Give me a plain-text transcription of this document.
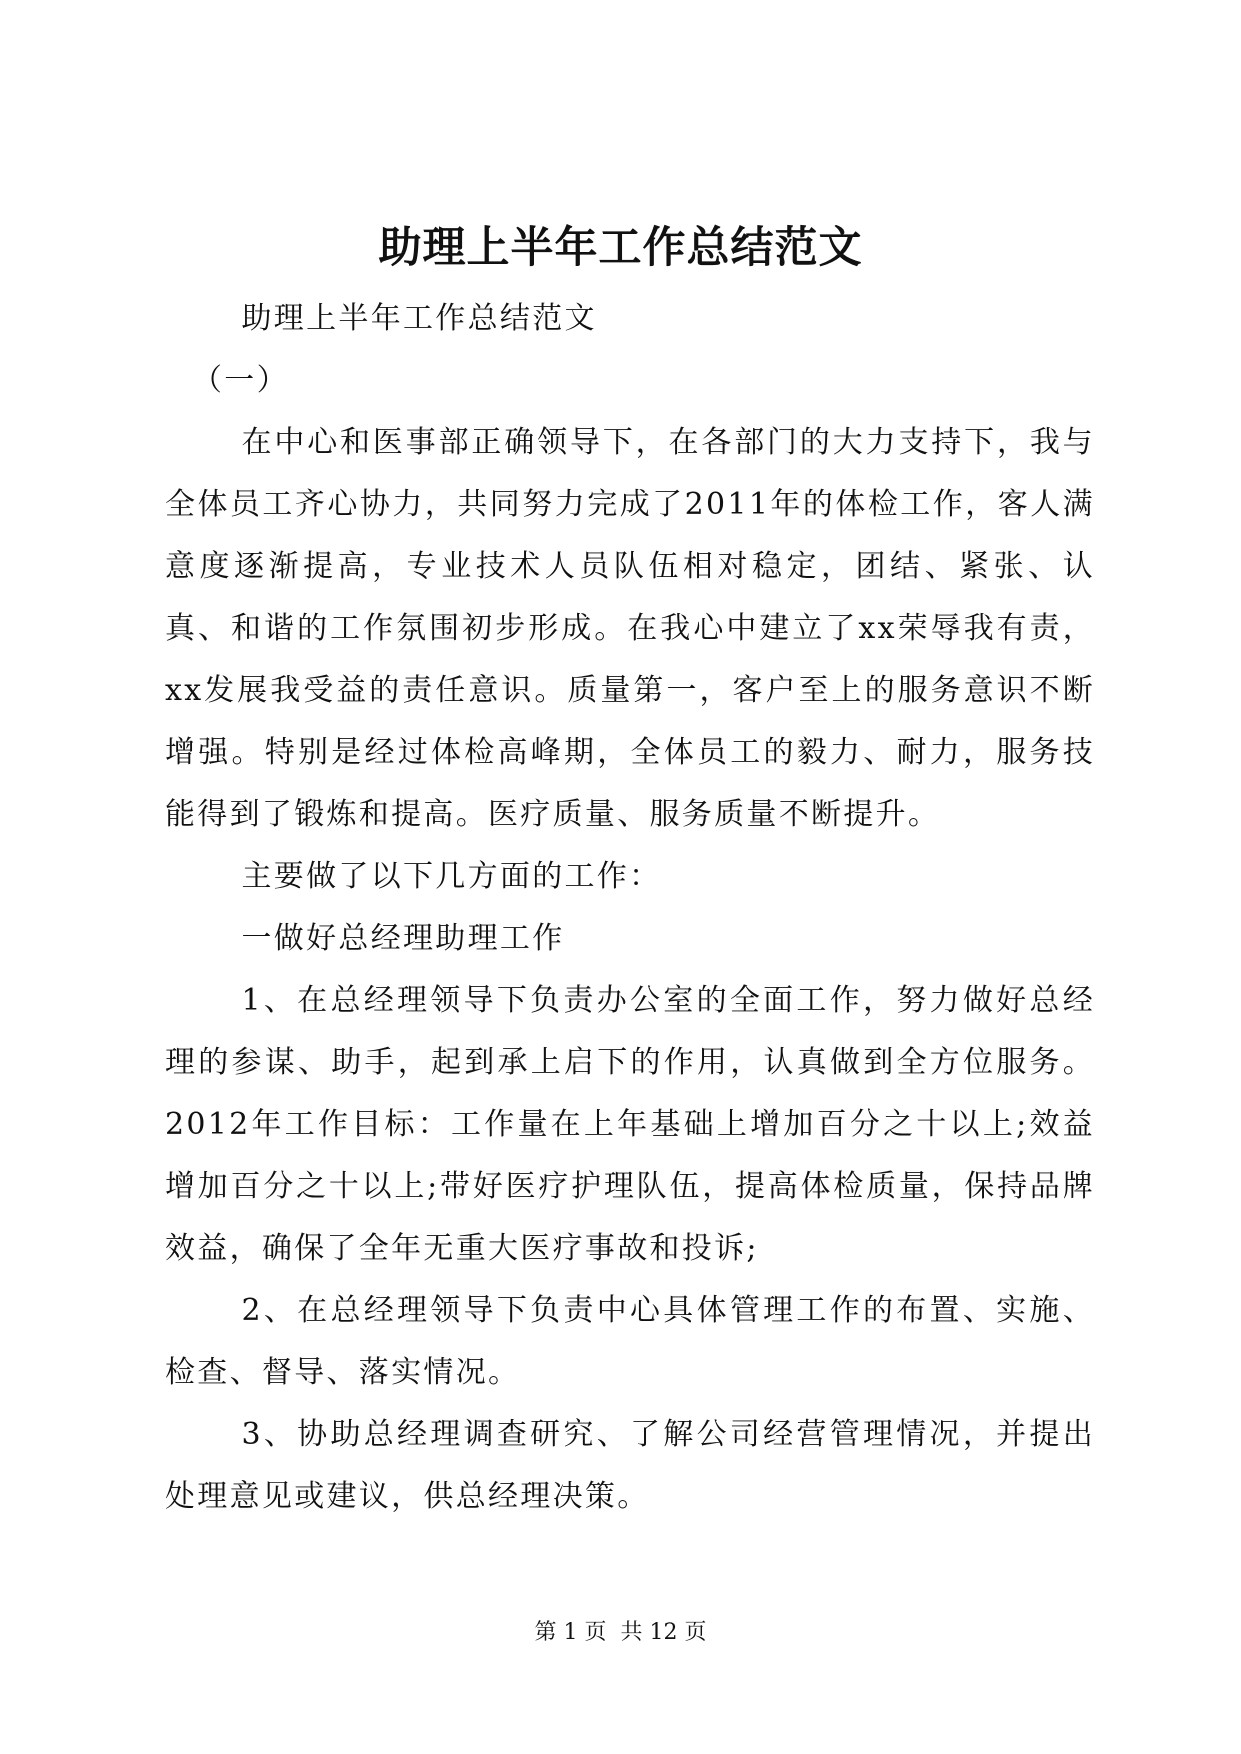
助理上半年工作总结范文

助理上半年工作总结范文

（一）

在中心和医事部正确领导下，在各部门的大力支持下，我与全体员工齐心协力，共同努力完成了2011年的体检工作，客人满意度逐渐提高，专业技术人员队伍相对稳定，团结、紧张、认真、和谐的工作氛围初步形成。在我心中建立了xx荣辱我有责，xx发展我受益的责任意识。质量第一，客户至上的服务意识不断增强。特别是经过体检高峰期，全体员工的毅力、耐力，服务技能得到了锻炼和提高。医疗质量、服务质量不断提升。

主要做了以下几方面的工作：

一做好总经理助理工作

1、在总经理领导下负责办公室的全面工作，努力做好总经理的参谋、助手，起到承上启下的作用，认真做到全方位服务。2012年工作目标：工作量在上年基础上增加百分之十以上;效益增加百分之十以上;带好医疗护理队伍，提高体检质量，保持品牌效益，确保了全年无重大医疗事故和投诉;

2、在总经理领导下负责中心具体管理工作的布置、实施、检查、督导、落实情况。

3、协助总经理调查研究、了解公司经营管理情况，并提出处理意见或建议，供总经理决策。

第 1 页  共 12 页
